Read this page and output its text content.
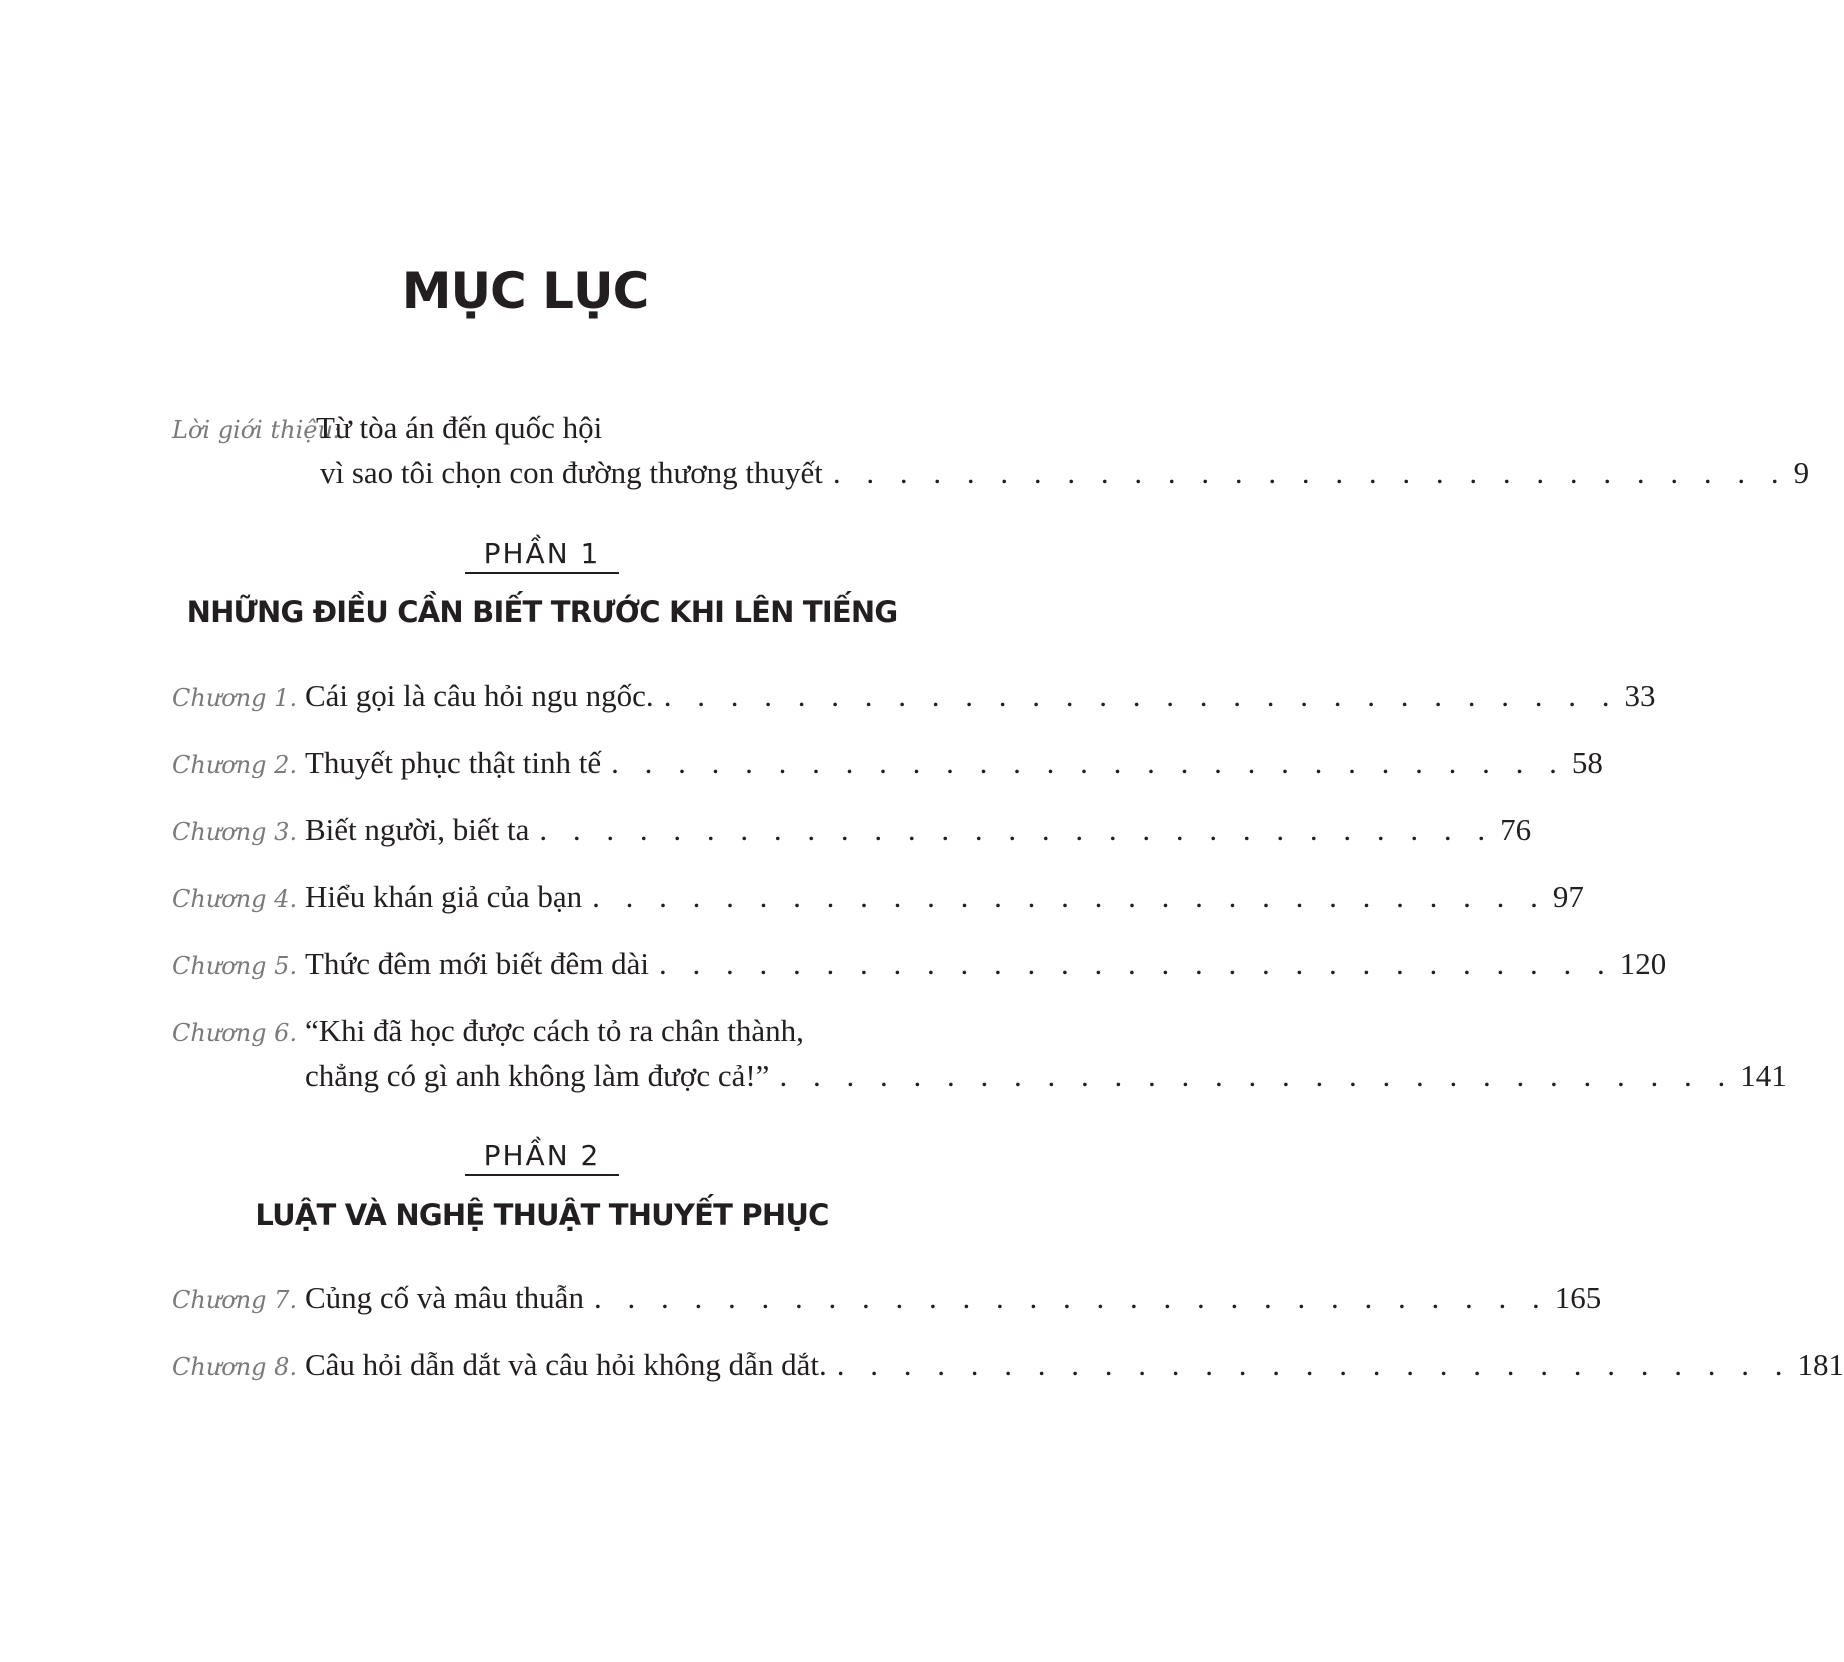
MỤC LỤC
Lời giới thiệu:
Từ tòa án đến quốc hội
vì sao tôi chọn con đường thương thuyết . . . . . . . . . . . . . . . . . . . . . . . . . . . . . 9
PHẦN 1
NHỮNG ĐIỀU CẦN BIẾT TRƯỚC KHI LÊN TIẾNG
Chương 1. Cái gọi là câu hỏi ngu ngốc. . . . . . . . . . . . . . . . . . . . . . . . . . . . . . 33
Chương 2. Thuyết phục thật tinh tế . . . . . . . . . . . . . . . . . . . . . . . . . . . . . 58
Chương 3. Biết người, biết ta . . . . . . . . . . . . . . . . . . . . . . . . . . . . . 76
Chương 4. Hiểu khán giả của bạn . . . . . . . . . . . . . . . . . . . . . . . . . . . . . 97
Chương 5. Thức đêm mới biết đêm dài . . . . . . . . . . . . . . . . . . . . . . . . . . . . . 120
Chương 6. “Khi đã học được cách tỏ ra chân thành,
chẳng có gì anh không làm được cả!” . . . . . . . . . . . . . . . . . . . . . . . . . . . . . 141
PHẦN 2
LUẬT VÀ NGHỆ THUẬT THUYẾT PHỤC
Chương 7. Củng cố và mâu thuẫn . . . . . . . . . . . . . . . . . . . . . . . . . . . . . 165
Chương 8. Câu hỏi dẫn dắt và câu hỏi không dẫn dắt. . . . . . . . . . . . . . . . . . . . . . . . . . . . . . 181
